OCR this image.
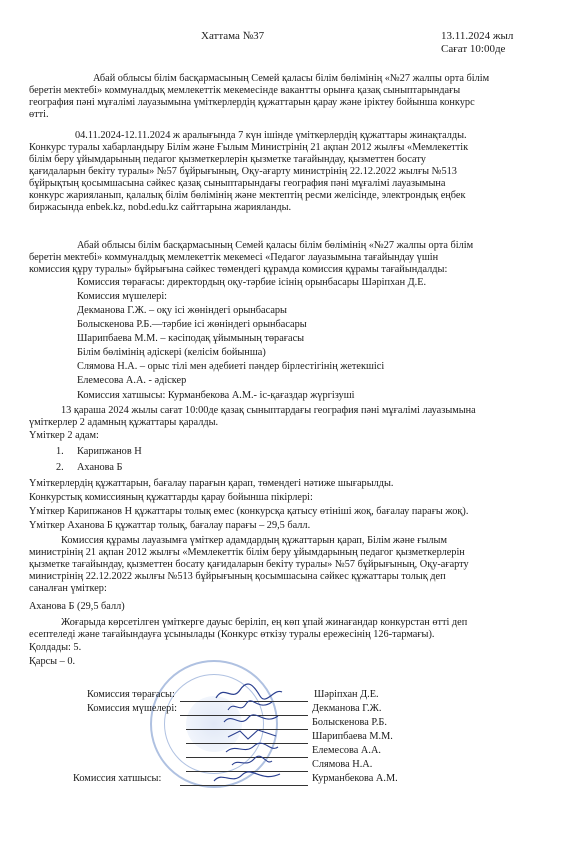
Хаттама №37	13.11.2024 жыл
Сағат 10:00де
Абай облысы білім басқармасының Семей қаласы білім бөлімінің «№27 жалпы орта білім
беретін мектебі» коммуналдық мемлекеттік мекемесінде вакантты орынға қазақ сыныптарындағы
география пәні мұғалімі лауазымына үміткерлердің құжаттарын қарау және іріктеу бойынша конкурс
өтті.
04.11.2024-12.11.2024 ж аралығында 7 күн ішінде үміткерлердің құжаттары жинақталды.
Конкурс туралы хабарландыру Білім және Ғылым Министрінің 21 ақпан 2012 жылғы «Мемлекеттік
білім беру ұйымдарының педагог қызметкерлерін қызметке тағайындау, қызметтен босату
қағидаларын бекіту туралы» №57 бұйрығының, Оқу-ағарту министрінің 22.12.2022 жылғы №513
бұйрықтың қосымшасына сәйкес қазақ сыныптарындағы география пәні мұғалімі лауазымына
конкурс жарияланып, қалалық білім бөлімінің және мектептің ресми желісінде, электрондық еңбек
биржасында enbek.kz, nobd.edu.kz сайттарына жарияланды.
Абай облысы білім басқармасының Семей қаласы білім бөлімінің «№27 жалпы орта білім
беретін мектебі» коммуналдық мемлекеттік мекемесі «Педагог лауазымына тағайындау үшін
комиссия құру туралы» бұйрығына сәйкес төмендегі құрамда комиссия құрамы тағайындалды:
Комиссия төрағасы: директордың оқу-тәрбие ісінің орынбасары Шәріпхан Д.Е.
Комиссия мүшелері:
Декманова Г.Ж. – оқу ісі жөніндегі орынбасары
Болыскенова Р.Б.—тәрбие ісі жөніндегі орынбасары
Шарипбаева М.М. – кәсіподақ ұйымының төрағасы
Білім бөлімінің әдіскері (келісім бойынша)
Слямова Н.А. – орыс тілі мен әдебиеті пәндер бірлестігінің жетекшісі
Елемесова А.А. - әдіскер
Комиссия хатшысы: Курманбекова А.М.- іс-қағаздар жүргізуші
13 қараша 2024 жылы сағат 10:00де қазақ сыныптардағы география пәні мұғалімі лауазымына
үміткерлер 2 адамның құжаттары қаралды.
Үміткер 2 адам:
1. Карипжанов Н
2. Аханова Б
Үміткерлердің құжаттарын, бағалау парағын қарап, төмендегі нәтиже шығарылды.
Конкурстық комиссияның құжаттарды қарау бойынша пікірлері:
Үміткер Карипжанов Н құжаттары толық емес (конкурсқа қатысу өтініші жоқ, бағалау парағы жоқ).
Үміткер Аханова Б құжаттар толық, бағалау парағы – 29,5 балл.
Комиссия құрамы лауазымға үміткер адамдардың құжаттарын қарап, Білім және ғылым
министрінің 21 ақпан 2012 жылғы «Мемлекеттік білім беру ұйымдарының педагог қызметкерлерін
қызметке тағайындау, қызметтен босату қағидаларын бекіту туралы» №57 бұйрығының, Оқу-ағарту
министрінің 22.12.2022 жылғы №513 бұйрығының қосымшасына сәйкес құжаттары толық деп
саналған үміткер:
Аханова Б (29,5 балл)
Жоғарыда көрсетілген үміткерге дауыс беріліп, ең көп ұпай жинағандар конкурстан өтті деп
есептеледі және тағайындауға ұсынылады (Конкурс өткізу туралы ережесінің 126-тармағы).
Қолдады: 5.
Қарсы – 0.
Комиссия төрағасы:
Комиссия мүшелері:
Комиссия хатшысы:
Шәріпхан Д.Е.
Декманова Г.Ж.
Болыскенова Р.Б.
Шарипбаева М.М.
Елемесова А.А.
Слямова Н.А.
Курманбекова А.М.
